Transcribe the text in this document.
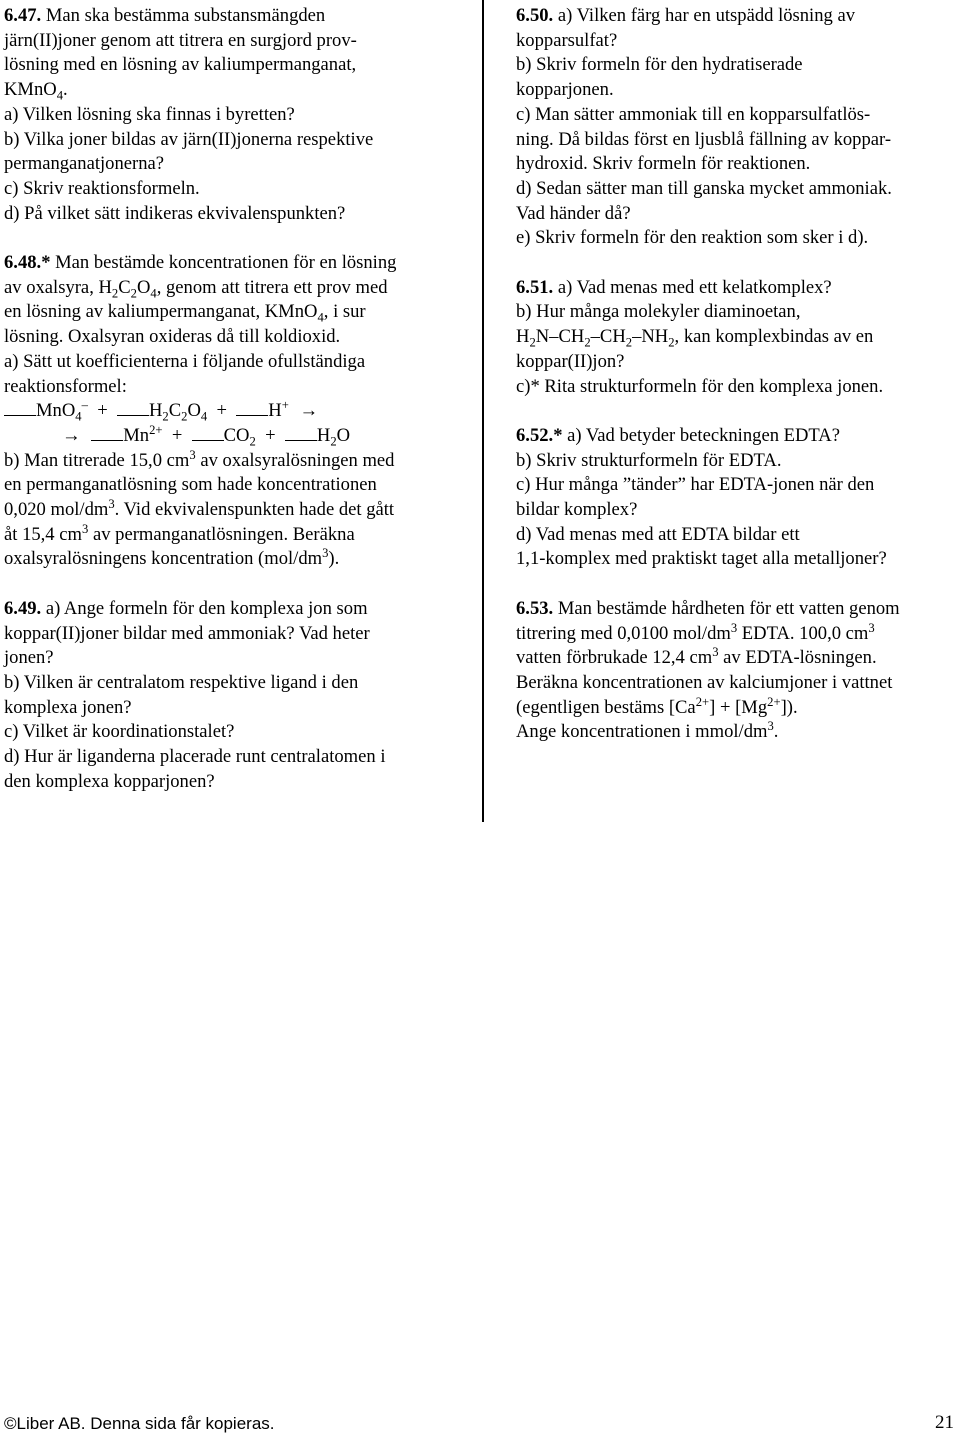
6.47. Man ska bestämma substansmängden
järn(II)joner genom att titrera en surgjord prov-
lösning med en lösning av kaliumpermanganat,
KMnO$_4$.
a) Vilken lösning ska finnas i byretten?
b) Vilka joner bildas av järn(II)jonerna respektive
permanganatjonerna?
c) Skriv reaktionsformeln.
d) På vilket sätt indikeras ekvivalenspunkten?
6.48.* Man bestämde koncentrationen för en lösning
av oxalsyra, $H_2C_2O_4$, genom att titrera ett prov med
en lösning av kaliumpermanganat, KMnO$_4$, i sur
lösning. Oxalsyran oxideras då till koldioxid.
a) Sätt ut koefficienterna i följande ofullständiga
reaktionsformel:
$MnO_4^- + H_2C_2O_4 + H^+$ →
→ $Mn^{2+} + CO_2 + H_2O$
b) Man titrerade 15,0 $cm^3$ av oxalsyralösningen med
en permanganatlösning som hade koncentrationen
0,020 mol/$dm^3$. Vid ekvivalenspunkten hade det gått
åt 15,4 $cm^3$ av permanganatlösningen. Beräkna
oxalsyralösningens koncentration $(mol/dm^3)$.
6.49. a) Ange formeln för den komplexa jon som
koppar(II)joner bildar med ammoniak? Vad heter
jonen?
b) Vilken är centralatom respektive ligand i den
komplexa jonen?
c) Vilket är koordinationstalet?
d) Hur är liganderna placerade runt centralatomen i
den komplexa kopparjonen?
6.50. a) Vilken färg har en utspädd lösning av
kopparsulfat?
b) Skriv formeln för den hydratiserade
kopparjonen.
c) Man sätter ammoniak till en kopparsulfatlös-
ning. Då bildas först en ljusblå fällning av koppar-
hydroxid. Skriv formeln för reaktionen.
d) Sedan sätter man till ganska mycket ammoniak.
Vad händer då?
e) Skriv formeln för den reaktion som sker i d).
6.51. a) Vad menas med ett kelatkomplex?
b) Hur många molekyler diaminoetan,
$H_2N-CH_2-CH_2-NH_2$, kan komplexbindas av en
koppar(II)jon?
c)* Rita strukturformeln för den komplexa jonen.
6.52.* a) Vad betyder beteckningen EDTA?
b) Skriv strukturformeln för EDTA.
c) Hur många ”tänder” har EDTA-jonen när den
bildar komplex?
d) Vad menas med att EDTA bildar ett
1,1-komplex med praktiskt taget alla metalljoner?
6.53. Man bestämde hårdheten för ett vatten genom
titrering med 0,0100 mol/$dm^3$ EDTA. 100,0 $cm^3$
vatten förbrukade 12,4 $cm^3$ av EDTA-lösningen.
Beräkna koncentrationen av kalciumjoner i vattnet
(egentligen bestäms $[Ca^{2+}] + [Mg^{2+}]$).
Ange koncentrationen i mmol/$dm^3$.
©Liber AB. Denna sida får kopieras.	21
